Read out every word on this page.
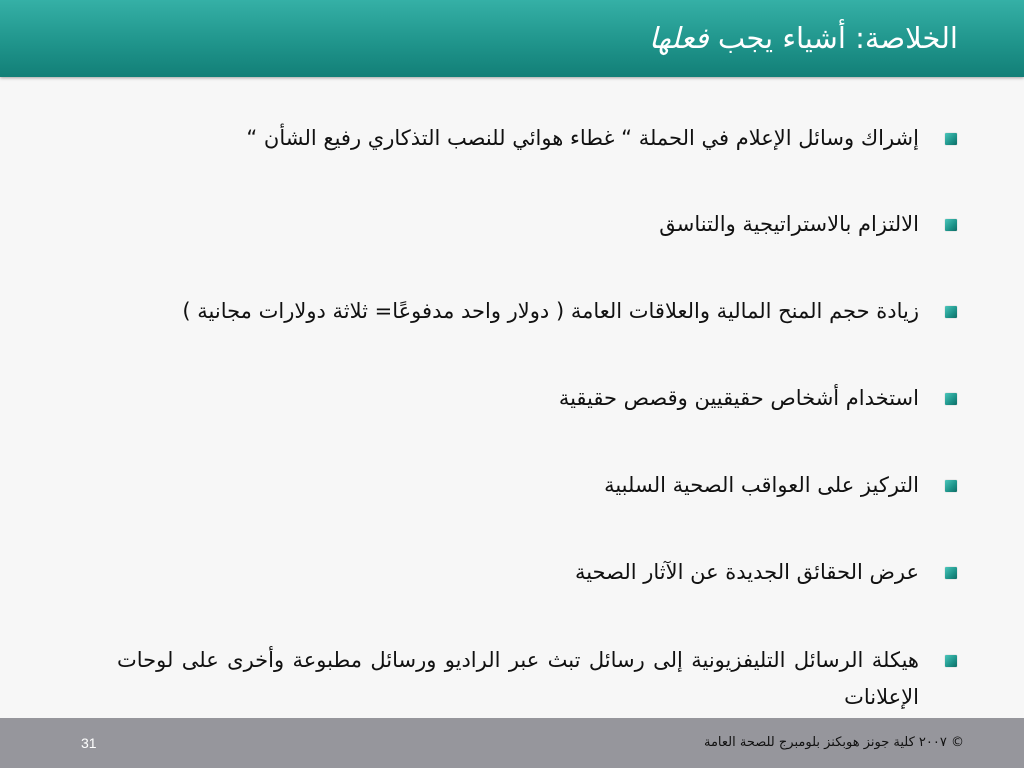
الخلاصة: أشياء يجب فعلها
إشراك وسائل الإعلام في الحملة “ غطاء هوائي للنصب التذكاري رفيع الشأن “
الالتزام بالاستراتيجية والتناسق
زيادة حجم المنح المالية والعلاقات العامة ( دولار واحد مدفوعًا= ثلاثة دولارات مجانية )
استخدام أشخاص حقيقيين وقصص حقيقية
التركيز على العواقب الصحية السلبية
عرض الحقائق الجديدة عن الآثار الصحية
هيكلة الرسائل التليفزيونية إلى رسائل تبث عبر الراديو ورسائل مطبوعة وأخرى على لوحات الإعلانات
© ٢٠٠٧ كلية جونز هوبكنز بلومبرج للصحة العامة
31
